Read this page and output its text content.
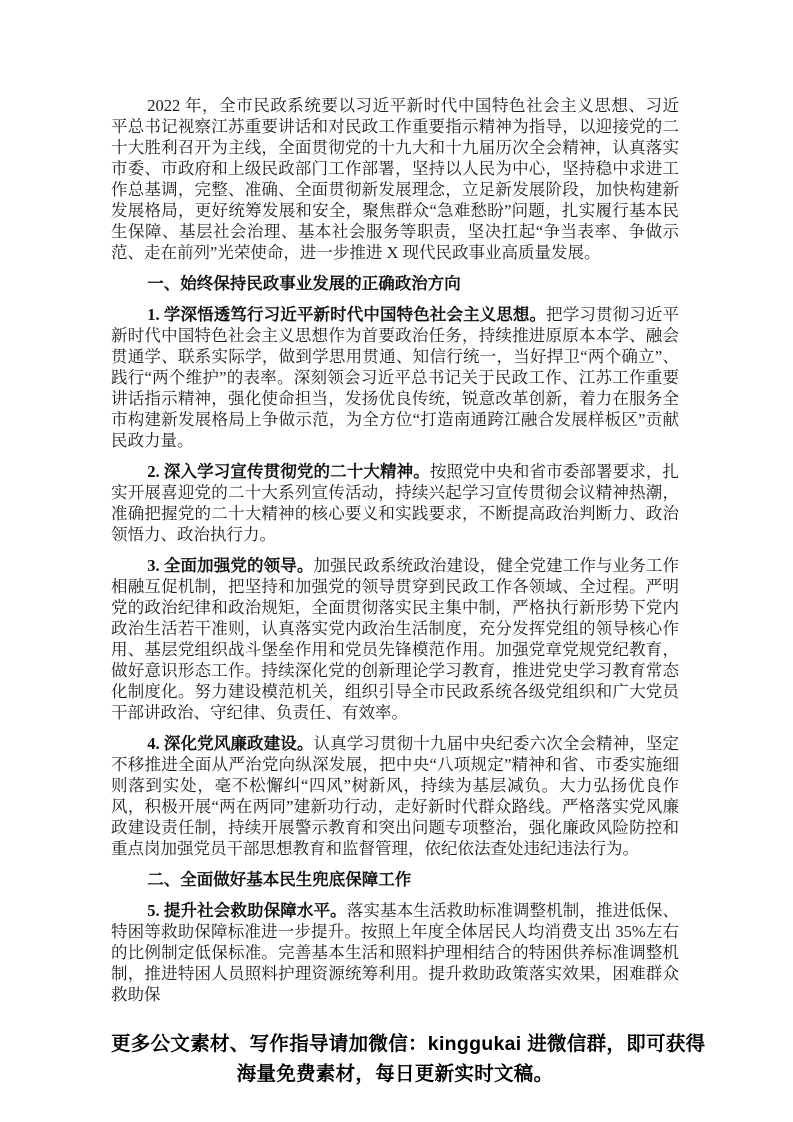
2022 年，全市民政系统要以习近平新时代中国特色社会主义思想、习近平总书记视察江苏重要讲话和对民政工作重要指示精神为指导，以迎接党的二十大胜利召开为主线，全面贯彻党的十九大和十九届历次全会精神，认真落实市委、市政府和上级民政部门工作部署，坚持以人民为中心，坚持稳中求进工作总基调，完整、准确、全面贯彻新发展理念，立足新发展阶段，加快构建新发展格局，更好统筹发展和安全，聚焦群众“急难愁盼”问题，扎实履行基本民生保障、基层社会治理、基本社会服务等职责，坚决扛起“争当表率、争做示范、走在前列”光荣使命，进一步推进 X 现代民政事业高质量发展。

一、始终保持民政事业发展的正确政治方向

1. 学深悟透笃行习近平新时代中国特色社会主义思想。把学习贯彻习近平新时代中国特色社会主义思想作为首要政治任务，持续推进原原本本学、融会贯通学、联系实际学，做到学思用贯通、知信行统一，当好捍卫“两个确立”、践行“两个维护”的表率。深刻领会习近平总书记关于民政工作、江苏工作重要讲话指示精神，强化使命担当，发扬优良传统，锐意改革创新，着力在服务全市构建新发展格局上争做示范，为全方位“打造南通跨江融合发展样板区”贡献民政力量。

2. 深入学习宣传贯彻党的二十大精神。按照党中央和省市委部署要求，扎实开展喜迎党的二十大系列宣传活动，持续兴起学习宣传贯彻会议精神热潮，准确把握党的二十大精神的核心要义和实践要求，不断提高政治判断力、政治领悟力、政治执行力。

3. 全面加强党的领导。加强民政系统政治建设，健全党建工作与业务工作相融互促机制，把坚持和加强党的领导贯穿到民政工作各领域、全过程。严明党的政治纪律和政治规矩，全面贯彻落实民主集中制，严格执行新形势下党内政治生活若干准则，认真落实党内政治生活制度，充分发挥党组的领导核心作用、基层党组织战斗堡垒作用和党员先锋模范作用。加强党章党规党纪教育，做好意识形态工作。持续深化党的创新理论学习教育，推进党史学习教育常态化制度化。努力建设模范机关，组织引导全市民政系统各级党组织和广大党员干部讲政治、守纪律、负责任、有效率。

4. 深化党风廉政建设。认真学习贯彻十九届中央纪委六次全会精神，坚定不移推进全面从严治党向纵深发展，把中央“八项规定”精神和省、市委实施细则落到实处，毫不松懈纠“四风”树新风，持续为基层减负。大力弘扬优良作风，积极开展“两在两同”建新功行动，走好新时代群众路线。严格落实党风廉政建设责任制，持续开展警示教育和突出问题专项整治，强化廉政风险防控和重点岗加强党员干部思想教育和监督管理，依纪依法查处违纪违法行为。

二、全面做好基本民生兜底保障工作

5. 提升社会救助保障水平。落实基本生活救助标准调整机制，推进低保、特困等救助保障标准进一步提升。按照上年度全体居民人均消费支出 35%左右的比例制定低保标准。完善基本生活和照料护理相结合的特困供养标准调整机制，推进特困人员照料护理资源统筹利用。提升救助政策落实效果，困难群众救助保

更多公文素材、写作指导请加微信：kinggukai 进微信群，即可获得
海量免费素材，每日更新实时文稿。
